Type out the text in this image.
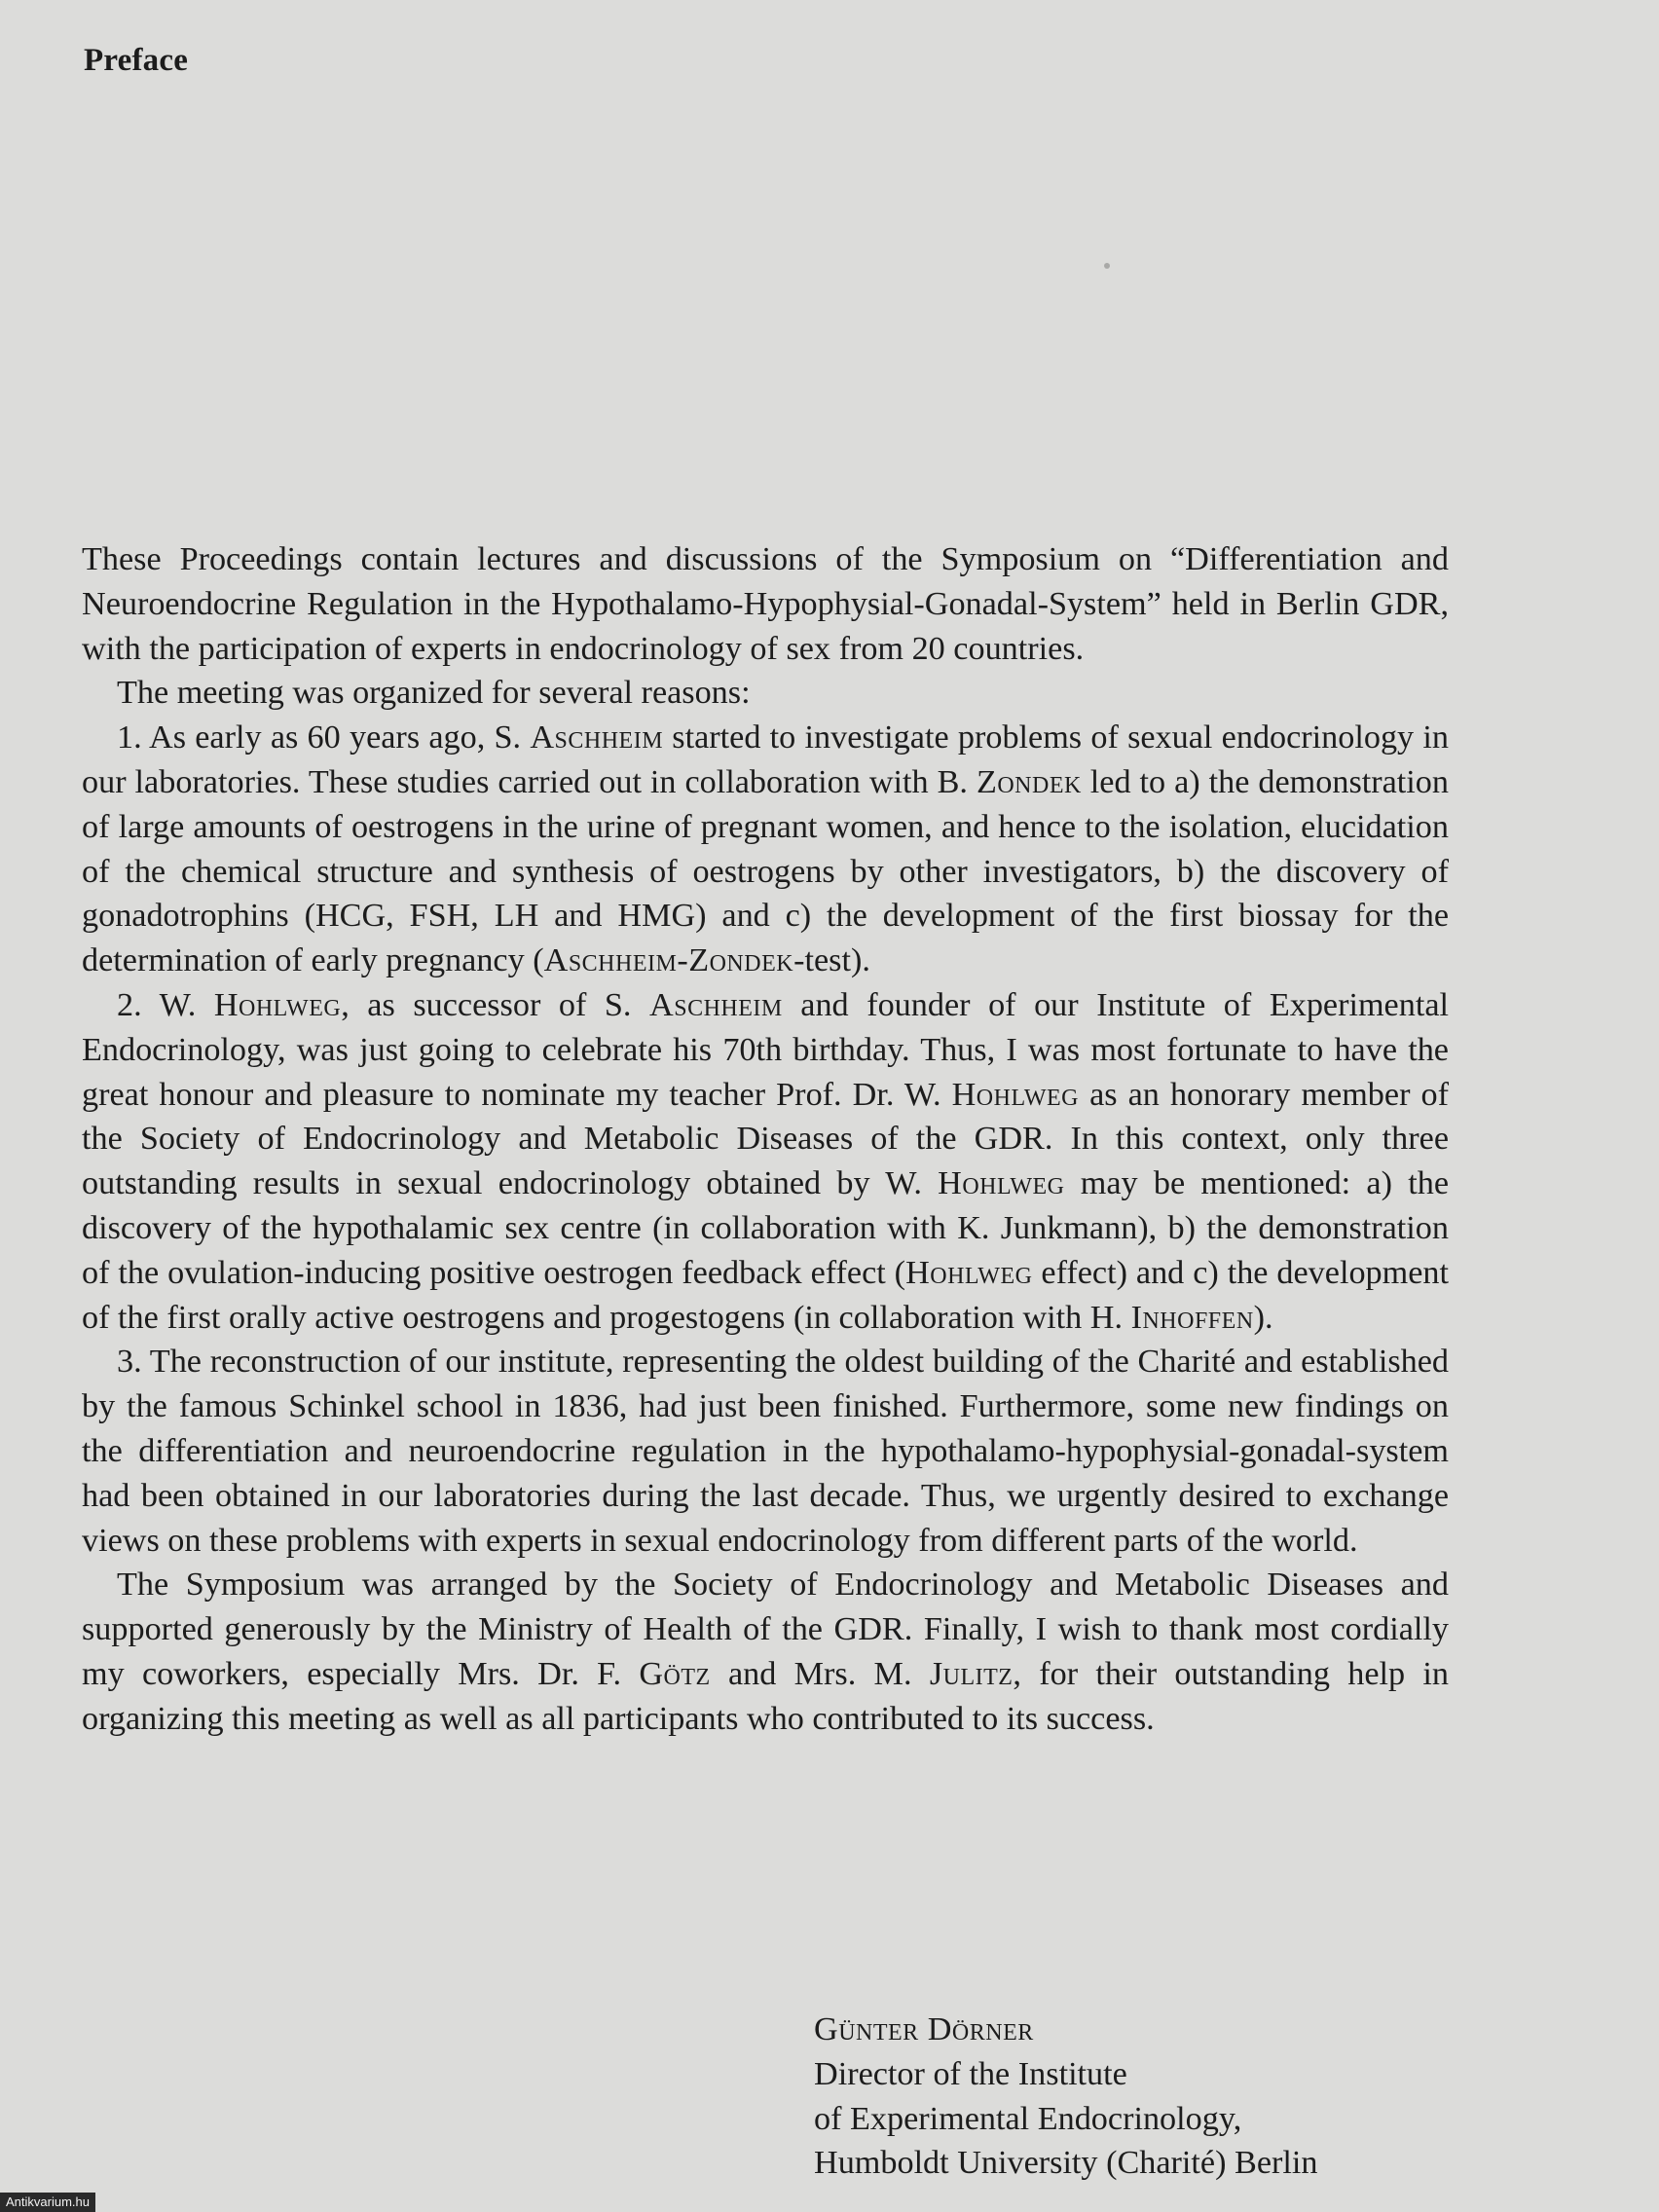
Preface

These Proceedings contain lectures and discussions of the Symposium on “Differentiation and Neuroendocrine Regulation in the Hypothalamo-Hypophysial-Gonadal-System” held in Berlin GDR, with the participation of experts in endocrinology of sex from 20 countries.

The meeting was organized for several reasons:

1. As early as 60 years ago, S. Aschheim started to investigate problems of sexual endocrinology in our laboratories. These studies carried out in collaboration with B. Zondek led to a) the demonstration of large amounts of oestrogens in the urine of pregnant women, and hence to the isolation, elucidation of the chemical structure and synthesis of oestrogens by other investigators, b) the discovery of gonadotrophins (HCG, FSH, LH and HMG) and c) the development of the first biossay for the determination of early pregnancy (Aschheim-Zondek-test).

2. W. Hohlweg, as successor of S. Aschheim and founder of our Institute of Experimental Endocrinology, was just going to celebrate his 70th birthday. Thus, I was most fortunate to have the great honour and pleasure to nominate my teacher Prof. Dr. W. Hohlweg as an honorary member of the Society of Endocrinology and Metabolic Diseases of the GDR. In this context, only three outstanding results in sexual endocrinology obtained by W. Hohlweg may be mentioned: a) the discovery of the hypothalamic sex centre (in collaboration with K. Junkmann), b) the demonstration of the ovulation-inducing positive oestrogen feedback effect (Hohlweg effect) and c) the development of the first orally active oestrogens and progestogens (in collaboration with H. Inhoffen).

3. The reconstruction of our institute, representing the oldest building of the Charité and established by the famous Schinkel school in 1836, had just been finished. Furthermore, some new findings on the differentiation and neuroendocrine regulation in the hypothalamo-hypophysial-gonadal-system had been obtained in our laboratories during the last decade. Thus, we urgently desired to exchange views on these problems with experts in sexual endocrinology from different parts of the world.

The Symposium was arranged by the Society of Endocrinology and Metabolic Diseases and supported generously by the Ministry of Health of the GDR. Finally, I wish to thank most cordially my coworkers, especially Mrs. Dr. F. Götz and Mrs. M. Julitz, for their outstanding help in organizing this meeting as well as all participants who contributed to its success.

Günter Dörner
Director of the Institute
of Experimental Endocrinology,
Humboldt University (Charité) Berlin
Antikvarium.hu
